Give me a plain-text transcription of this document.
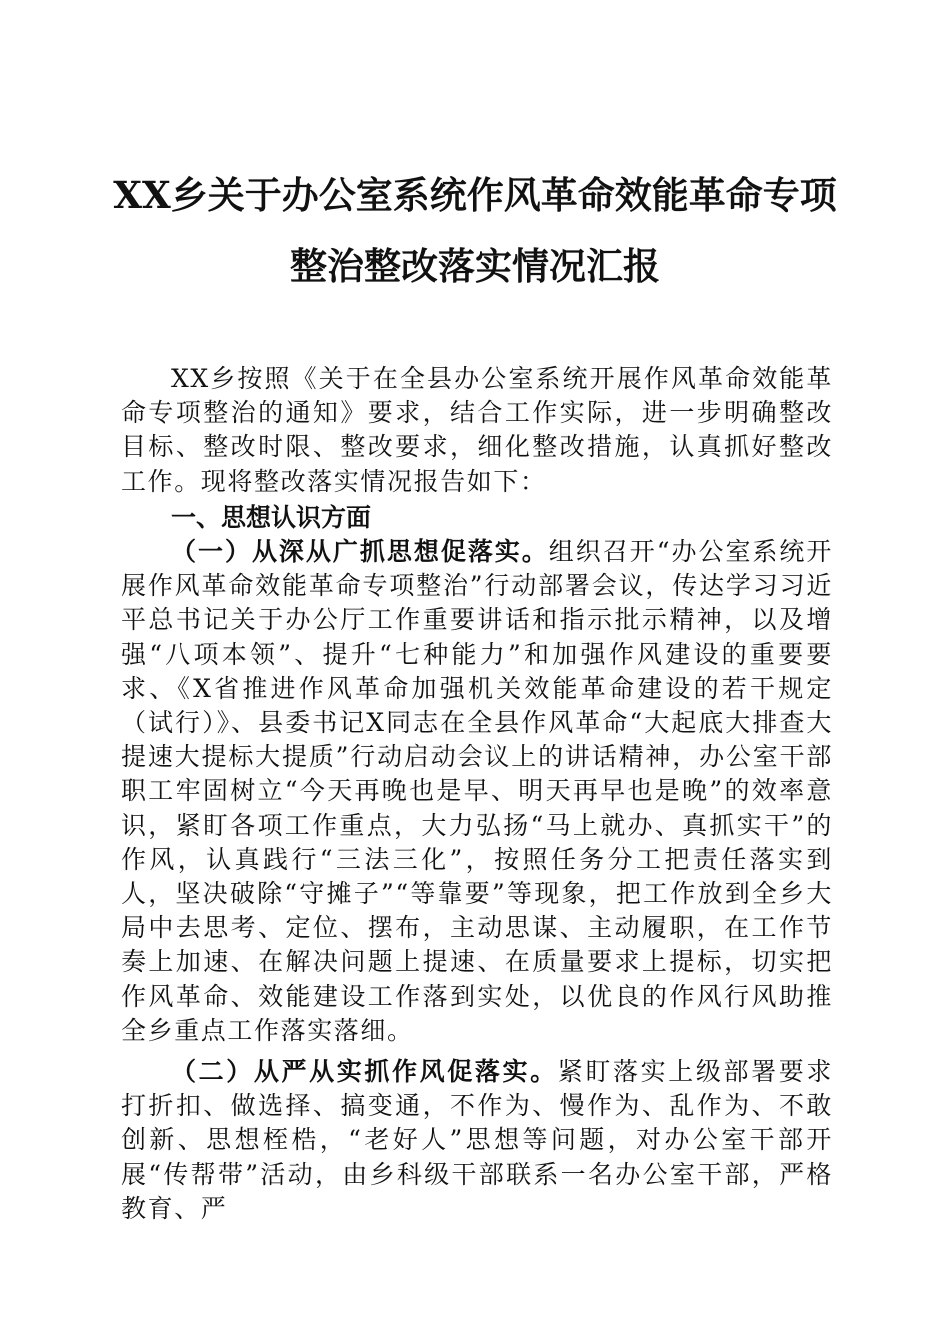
XX乡关于办公室系统作风革命效能革命专项
整治整改落实情况汇报

XX乡按照《关于在全县办公室系统开展作风革命效能革命专项整治的通知》要求，结合工作实际，进一步明确整改目标、整改时限、整改要求，细化整改措施，认真抓好整改工作。现将整改落实情况报告如下：

一、思想认识方面

（一）从深从广抓思想促落实。组织召开“办公室系统开展作风革命效能革命专项整治”行动部署会议，传达学习习近平总书记关于办公厅工作重要讲话和指示批示精神，以及增强“八项本领”、提升“七种能力”和加强作风建设的重要要求、《X省推进作风革命加强机关效能革命建设的若干规定（试行）》、县委书记X同志在全县作风革命“大起底大排查大提速大提标大提质”行动启动会议上的讲话精神，办公室干部职工牢固树立“今天再晚也是早、明天再早也是晚”的效率意识，紧盯各项工作重点，大力弘扬“马上就办、真抓实干”的作风，认真践行“三法三化”，按照任务分工把责任落实到人，坚决破除“守摊子”“等靠要”等现象，把工作放到全乡大局中去思考、定位、摆布，主动思谋、主动履职，在工作节奏上加速、在解决问题上提速、在质量要求上提标，切实把作风革命、效能建设工作落到实处，以优良的作风行风助推全乡重点工作落实落细。

（二）从严从实抓作风促落实。紧盯落实上级部署要求打折扣、做选择、搞变通，不作为、慢作为、乱作为、不敢创新、思想桎梏，“老好人”思想等问题，对办公室干部开展“传帮带”活动，由乡科级干部联系一名办公室干部，严格教育、严
